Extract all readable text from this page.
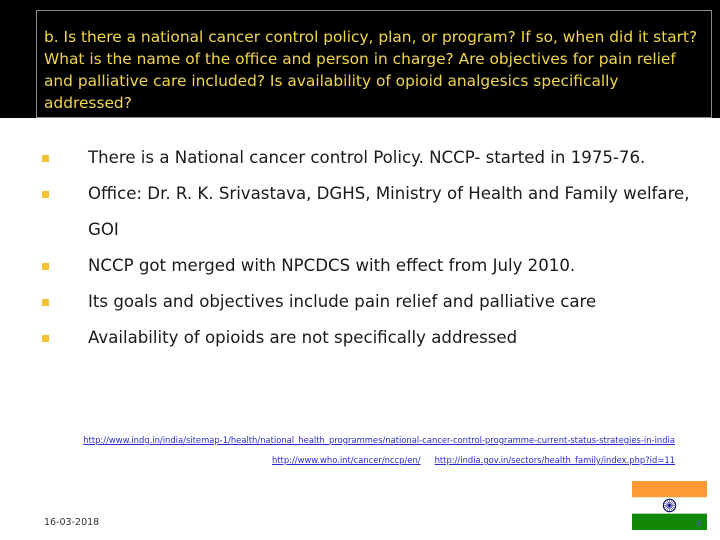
b. Is there a national cancer control policy, plan, or program? If so, when did it start? What is the name of the office and person in charge? Are objectives for pain relief and palliative care included? Is availability of opioid analgesics specifically addressed?
There is a National cancer control Policy. NCCP- started in 1975-76.
Office: Dr. R. K. Srivastava, DGHS, Ministry of Health and Family welfare, GOI
NCCP got merged with NPCDCS with effect from July 2010.
Its goals and objectives include pain relief and palliative care
Availability of opioids are not specifically addressed
http://www.indg.in/india/sitemap-1/health/national_health_programmes/national-cancer-control-programme-current-status-strategies-in-india
http://www.who.int/cancer/nccp/en/ http://india.gov.in/sectors/health_family/index.php?id=11
16-03-2018	6
